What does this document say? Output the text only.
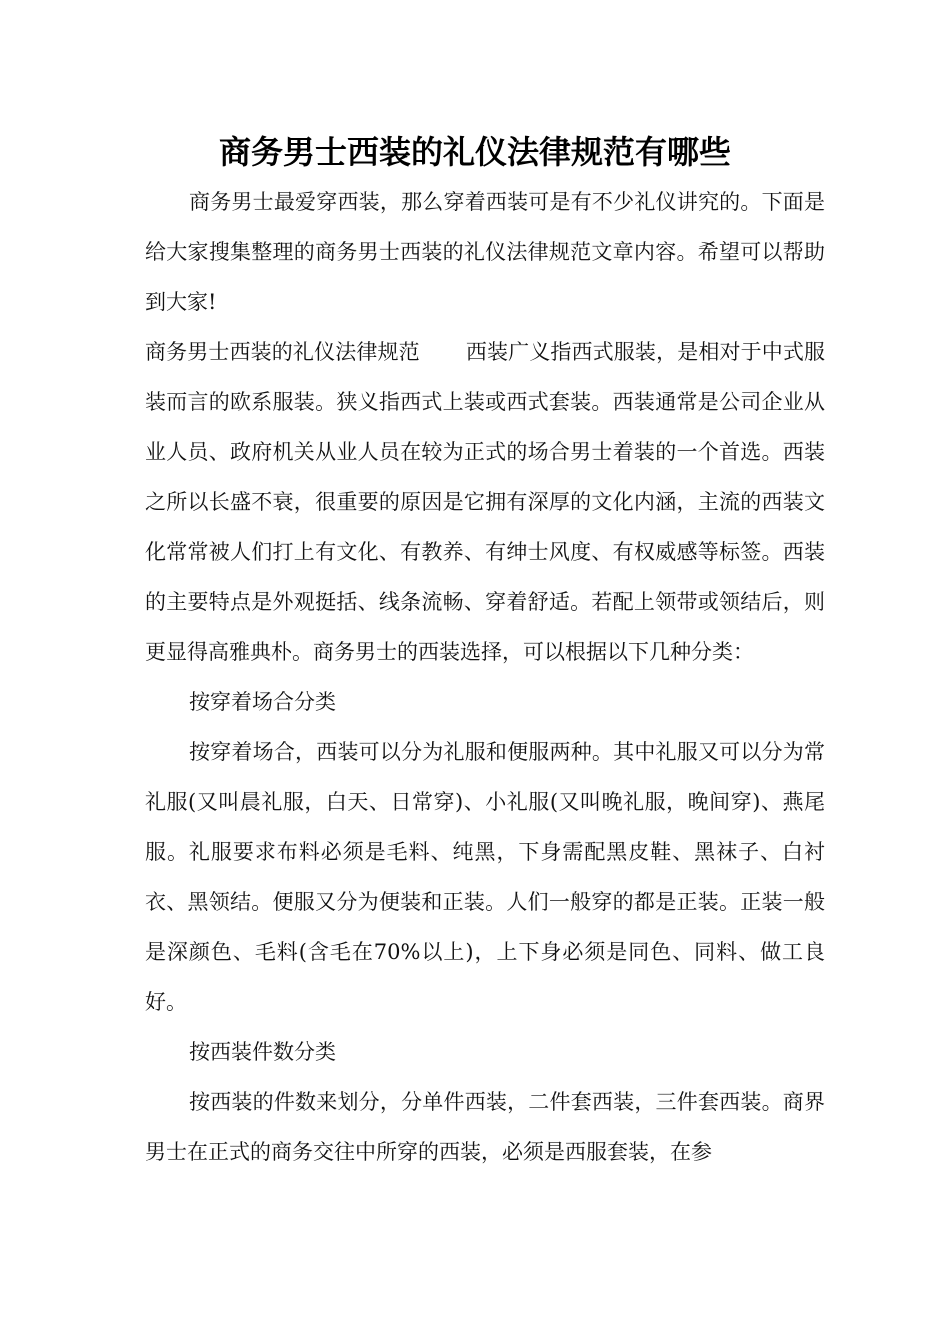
商务男士西装的礼仪法律规范有哪些

商务男士最爱穿西装，那么穿着西装可是有不少礼仪讲究的。下面是给大家搜集整理的商务男士西装的礼仪法律规范文章内容。希望可以帮助到大家!

商务男士西装的礼仪法律规范 西装广义指西式服装，是相对于中式服装而言的欧系服装。狭义指西式上装或西式套装。西装通常是公司企业从业人员、政府机关从业人员在较为正式的场合男士着装的一个首选。西装之所以长盛不衰，很重要的原因是它拥有深厚的文化内涵，主流的西装文化常常被人们打上有文化、有教养、有绅士风度、有权威感等标签。西装的主要特点是外观挺括、线条流畅、穿着舒适。若配上领带或领结后，则更显得高雅典朴。商务男士的西装选择，可以根据以下几种分类：

按穿着场合分类

按穿着场合，西装可以分为礼服和便服两种。其中礼服又可以分为常礼服(又叫晨礼服，白天、日常穿)、小礼服(又叫晚礼服，晚间穿)、燕尾服。礼服要求布料必须是毛料、纯黑，下身需配黑皮鞋、黑袜子、白衬衣、黑领结。便服又分为便装和正装。人们一般穿的都是正装。正装一般是深颜色、毛料(含毛在70%以上)，上下身必须是同色、同料、做工良好。

按西装件数分类

按西装的件数来划分，分单件西装，二件套西装，三件套西装。商界男士在正式的商务交往中所穿的西装，必须是西服套装，在参
